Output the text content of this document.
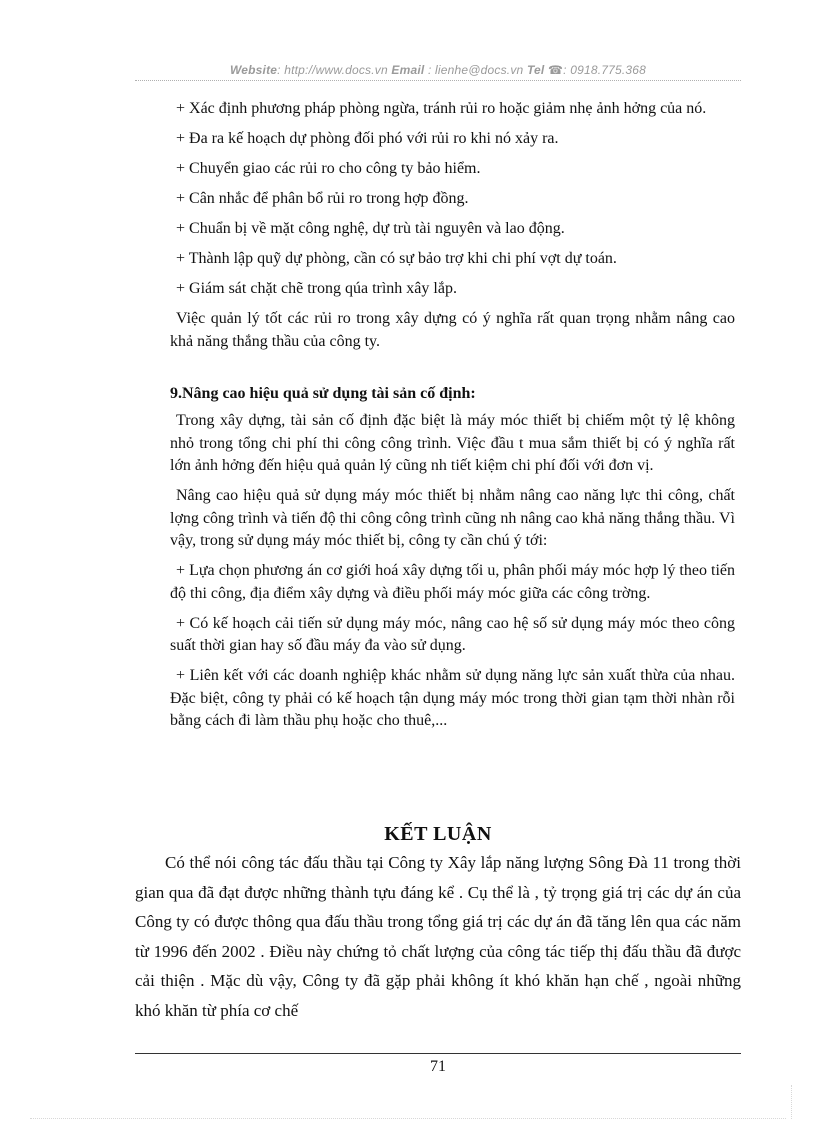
Website: http://www.docs.vn Email : lienhe@docs.vn Tel ☎: 0918.775.368

+ Xác định phương pháp phòng ngừa, tránh rủi ro hoặc giảm nhẹ ảnh hởng của nó.

+ Đa ra kế hoạch dự phòng đối phó với rủi ro khi nó xảy ra.

+ Chuyển giao các rủi ro cho công ty bảo hiểm.

+ Cân nhắc để phân bổ rủi ro trong hợp đồng.

+ Chuẩn bị về mặt công nghệ, dự trù tài nguyên và lao động.

+ Thành lập quỹ dự phòng, cần có sự bảo trợ khi chi phí vợt dự toán.

+ Giám sát chặt chẽ trong qúa trình xây lắp.

Việc quản lý tốt các rủi ro trong xây dựng có ý nghĩa rất quan trọng nhằm nâng cao khả năng thắng thầu của công ty.

9.Nâng cao hiệu quả sử dụng tài sản cố định:

Trong xây dựng, tài sản cố định đặc biệt là máy móc thiết bị chiếm một tỷ lệ không nhỏ trong tổng chi phí thi công công trình. Việc đầu t mua sắm thiết bị có ý nghĩa rất lớn ảnh hởng đến hiệu quả quản lý cũng nh tiết kiệm chi phí đối với đơn vị.

Nâng cao hiệu quả sử dụng máy móc thiết bị nhằm nâng cao năng lực thi công, chất lợng công trình và tiến độ thi công công trình cũng nh nâng cao khả năng thắng thầu. Vì vậy, trong sử dụng máy móc thiết bị, công ty cần chú ý tới:

+ Lựa chọn phương án cơ giới hoá xây dựng tối u, phân phối máy móc hợp lý theo tiến độ thi công, địa điểm xây dựng và điều phối máy móc giữa các công trờng.

+ Có kế hoạch cải tiến sử dụng máy móc, nâng cao hệ số sử dụng máy móc theo công suất thời gian hay số đầu máy đa vào sử dụng.

+ Liên kết với các doanh nghiệp khác nhằm sử dụng năng lực sản xuất thừa của nhau. Đặc biệt, công ty phải có kế hoạch tận dụng máy móc trong thời gian tạm thời nhàn rỗi bằng cách đi làm thầu phụ hoặc cho thuê,...

KẾT LUẬN

Có thể nói công tác đấu thầu tại Công ty Xây lắp năng lượng Sông Đà 11 trong thời gian qua đã đạt được những thành tựu đáng kể . Cụ thể là , tỷ trọng giá trị các dự án của Công ty có được thông qua đấu thầu trong tổng giá trị các dự án đã tăng lên qua các năm từ 1996 đến 2002 . Điều này chứng tỏ chất lượng của công tác tiếp thị đấu thầu đã được cải thiện . Mặc dù vậy, Công ty đã gặp phải không ít khó khăn hạn chế , ngoài những khó khăn từ phía cơ chế

71
